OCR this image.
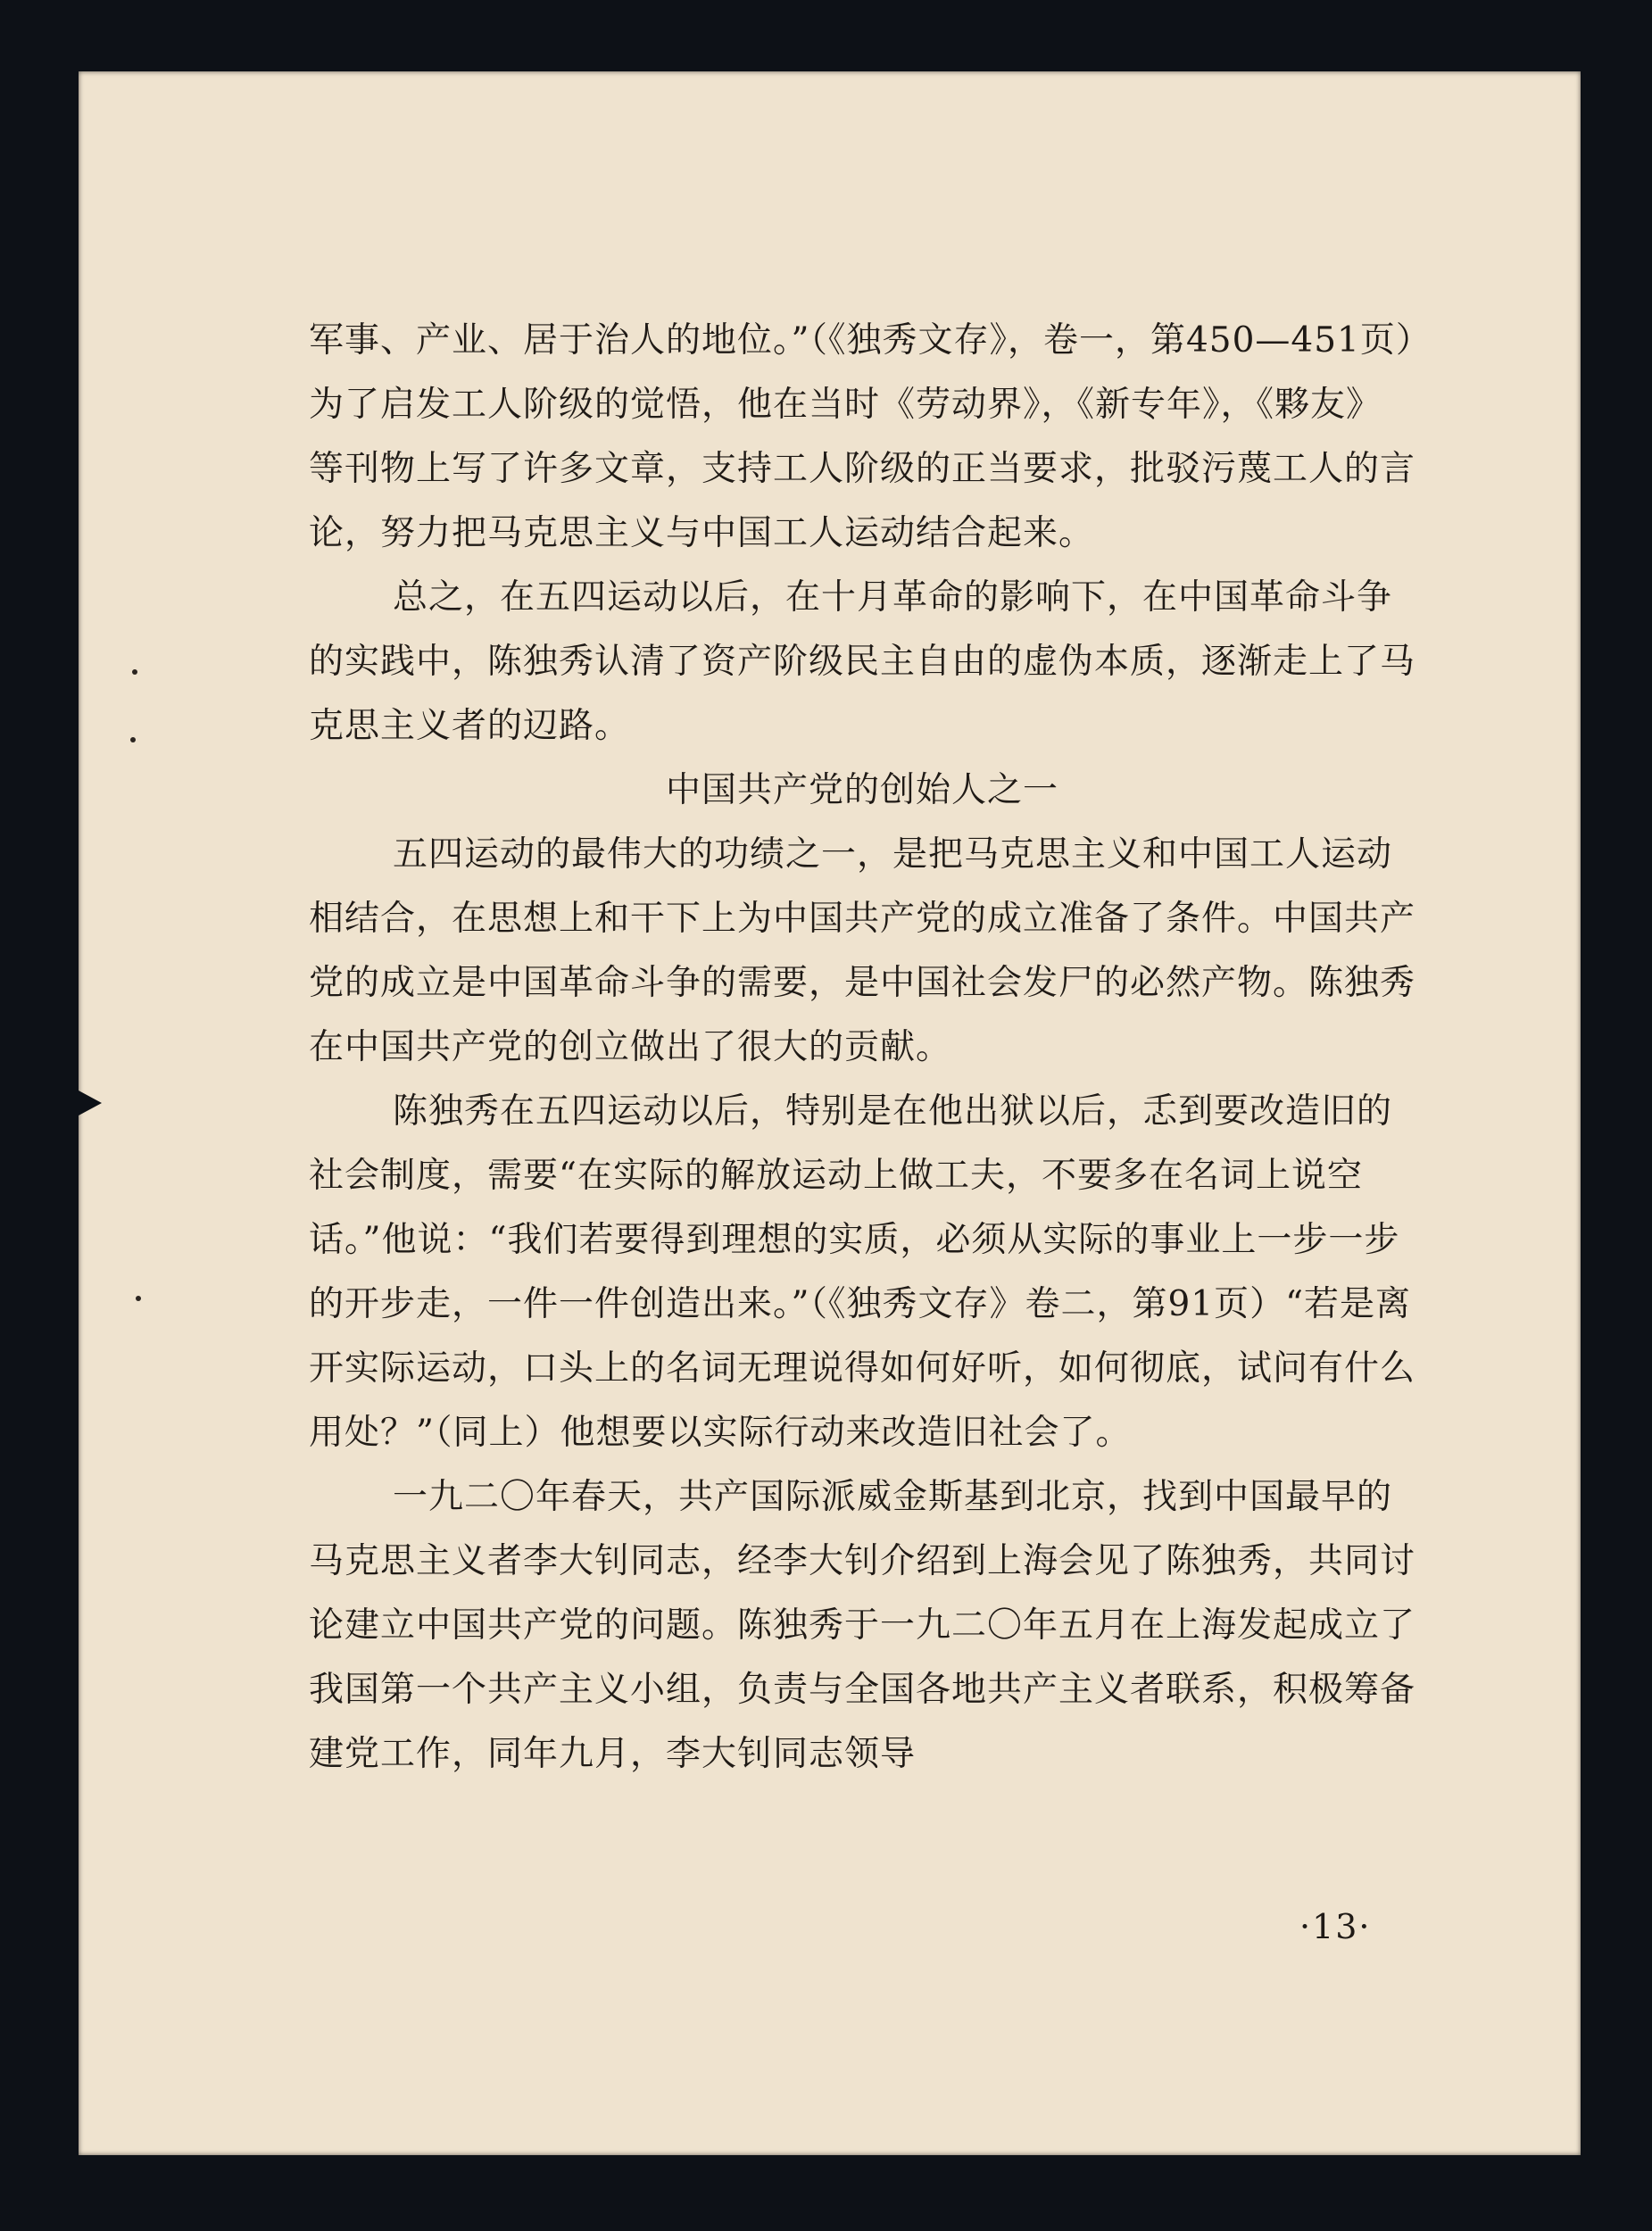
军事、产业、居于治人的地位。”（《独秀文存》，卷一，第450—451页）为了启发工人阶级的觉悟，他在当时《劳动界》，《新专年》，《夥友》等刊物上写了许多文章，支持工人阶级的正当要求，批驳污蔑工人的言论，努力把马克思主义与中国工人运动结合起来。

总之，在五四运动以后，在十月革命的影响下，在中国革命斗争的实践中，陈独秀认清了资产阶级民主自由的虚伪本质，逐渐走上了马克思主义者的辺路。

中国共产党的创始人之一

五四运动的最伟大的功绩之一，是把马克思主义和中国工人运动相结合，在思想上和干下上为中国共产党的成立准备了条件。中国共产党的成立是中国革命斗争的需要，是中国社会发尸的必然产物。陈独秀在中国共产党的创立做出了很大的贡献。

陈独秀在五四运动以后，特别是在他出狱以后，忎到要改造旧的社会制度，需要“在实际的解放运动上做工夫，不要多在名词上说空话。”他说：“我们若要得到理想的实质，必须从实际的事业上一步一步的开步走，一件一件创造出来。”（《独秀文存》卷二，第91页）“若是离开实际运动，口头上的名词无理说得如何好听，如何彻底，试问有什么用处？”（同上）他想要以实际行动来改造旧社会了。

一九二〇年春天，共产国际派威金斯基到北京，找到中国最早的马克思主义者李大钊同志，经李大钊介绍到上海会见了陈独秀，共同讨论建立中国共产党的问题。陈独秀于一九二〇年五月在上海发起成立了我国第一个共产主义小组，负责与全国各地共产主义者联系，积极筹备建党工作，同年九月，李大钊同志领导

·13·
